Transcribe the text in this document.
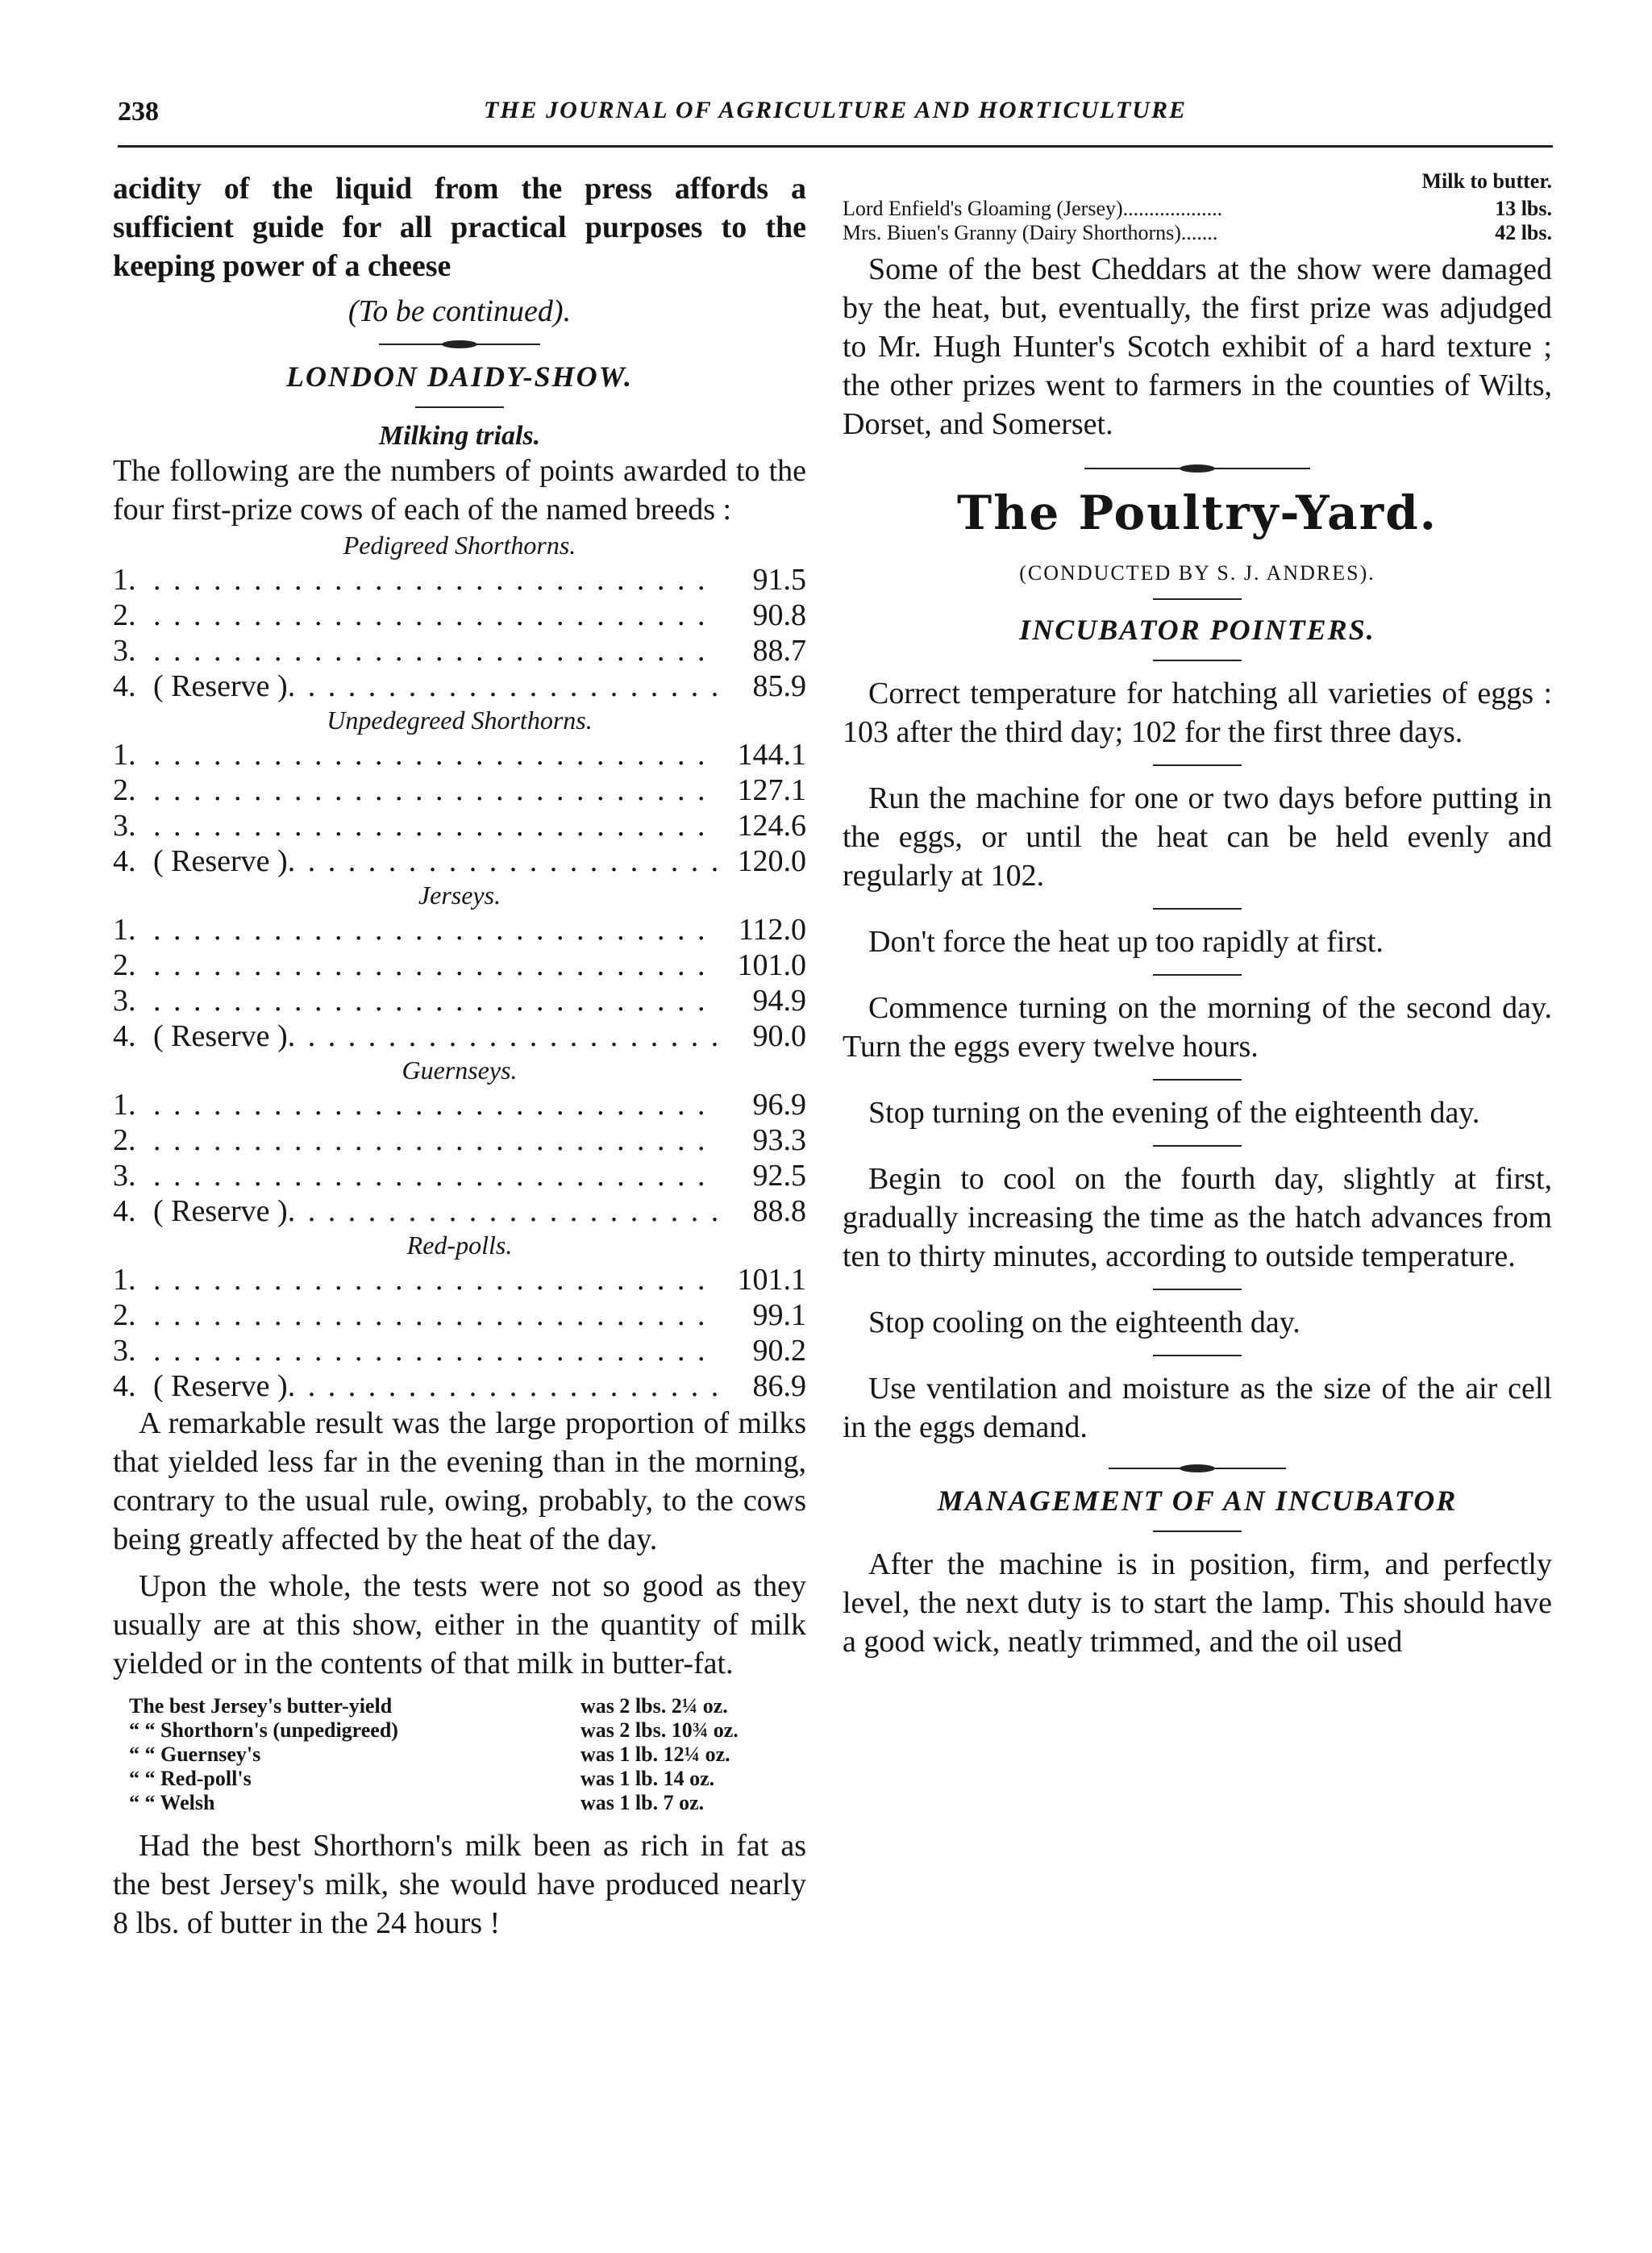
238	THE JOURNAL OF AGRICULTURE AND HORTICULTURE

acidity of the liquid from the press affords a sufficient guide for all practical purposes to the keeping power of a cheese

(To be continued).

LONDON DAIDY-SHOW.

Milking trials.

The following are the numbers of points awarded to the four first-prize cows of each of the named breeds :

Pedigreed Shorthorns.

1. . . .	91.5
2. . . .	90.8
3. . . .	88.7
4. ( Reserve ) . . .	85.9

Unpedegreed Shorthorns.

1. . . .	144.1
2. . . .	127.1
3. . . .	124.6
4. ( Reserve ) . . .	120.0

Jerseys.

1. . . .	112.0
2. . . .	101.0
3. . . .	94.9
4. ( Reserve ) . . .	90.0

Guernseys.

1. . . .	96.9
2. . . .	93.3
3. . . .	92.5
4. ( Reserve ) . . .	88.8

Red-polls.

1. . . .	101.1
2. . . .	99.1
3. . . .	90.2
4. ( Reserve ) . . .	86.9

A remarkable result was the large proportion of milks that yielded less far in the evening than in the morning, contrary to the usual rule, owing, probably, to the cows being greatly affected by the heat of the day.

Upon the whole, the tests were not so good as they usually are at this show, either in the quantity of milk yielded or in the contents of that milk in butter-fat.

The best Jersey's butter-yield	was 2 lbs. 2¼ oz.
“ “ Shorthorn's (unpedigreed)	was 2 lbs. 10¾ oz.
“ “ Guernsey's	was 1 lb. 12¼ oz.
“ “ Red-poll's	was 1 lb. 14 oz.
“ “ Welsh	was 1 lb. 7 oz.

Had the best Shorthorn's milk been as rich in fat as the best Jersey's milk, she would have produced nearly 8 lbs. of butter in the 24 hours !

Milk to butter.

Lord Enfield's Gloaming (Jersey)...................	13 lbs.
Mrs. Biuen's Granny (Dairy Shorthorns).......	42 lbs.

Some of the best Cheddars at the show were damaged by the heat, but, eventually, the first prize was adjudged to Mr. Hugh Hunter's Scotch exhibit of a hard texture ; the other prizes went to farmers in the counties of Wilts, Dorset, and Somerset.

The Poultry-Yard.

(CONDUCTED BY S. J. ANDRES).

INCUBATOR POINTERS.

Correct temperature for hatching all varieties of eggs : 103 after the third day; 102 for the first three days.

Run the machine for one or two days before putting in the eggs, or until the heat can be held evenly and regularly at 102.

Don't force the heat up too rapidly at first.

Commence turning on the morning of the second day. Turn the eggs every twelve hours.

Stop turning on the evening of the eighteenth day.

Begin to cool on the fourth day, slightly at first, gradually increasing the time as the hatch advances from ten to thirty minutes, according to outside temperature.

Stop cooling on the eighteenth day.

Use ventilation and moisture as the size of the air cell in the eggs demand.

MANAGEMENT OF AN INCUBATOR

After the machine is in position, firm, and perfectly level, the next duty is to start the lamp. This should have a good wick, neatly trimmed, and the oil used
